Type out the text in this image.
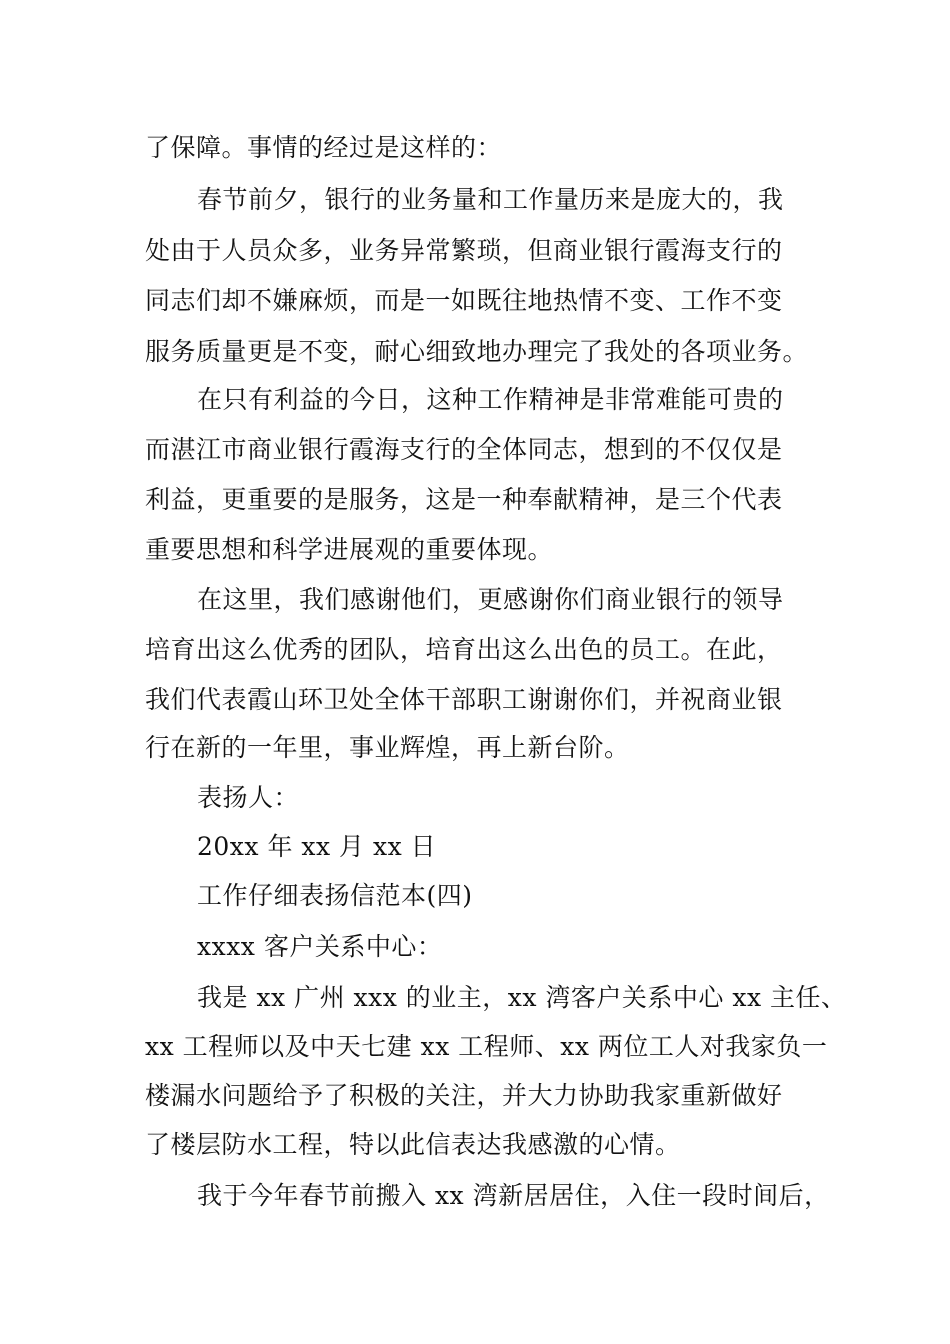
了保障。事情的经过是这样的：
春节前夕，银行的业务量和工作量历来是庞大的，我
处由于人员众多，业务异常繁琐，但商业银行霞海支行的
同志们却不嫌麻烦，而是一如既往地热情不变、工作不变
服务质量更是不变，耐心细致地办理完了我处的各项业务。
在只有利益的今日，这种工作精神是非常难能可贵的
而湛江市商业银行霞海支行的全体同志，想到的不仅仅是
利益，更重要的是服务，这是一种奉献精神，是三个代表
重要思想和科学进展观的重要体现。
在这里，我们感谢他们，更感谢你们商业银行的领导
培育出这么优秀的团队，培育出这么出色的员工。在此，
我们代表霞山环卫处全体干部职工谢谢你们，并祝商业银
行在新的一年里，事业辉煌，再上新台阶。
表扬人：
20xx 年 xx 月 xx 日
工作仔细表扬信范本(四)
xxxx 客户关系中心：
我是 xx 广州 xxx 的业主，xx 湾客户关系中心 xx 主任、
xx 工程师以及中天七建 xx 工程师、xx 两位工人对我家负一
楼漏水问题给予了积极的关注，并大力协助我家重新做好
了楼层防水工程，特以此信表达我感激的心情。
我于今年春节前搬入 xx 湾新居居住，入住一段时间后，
